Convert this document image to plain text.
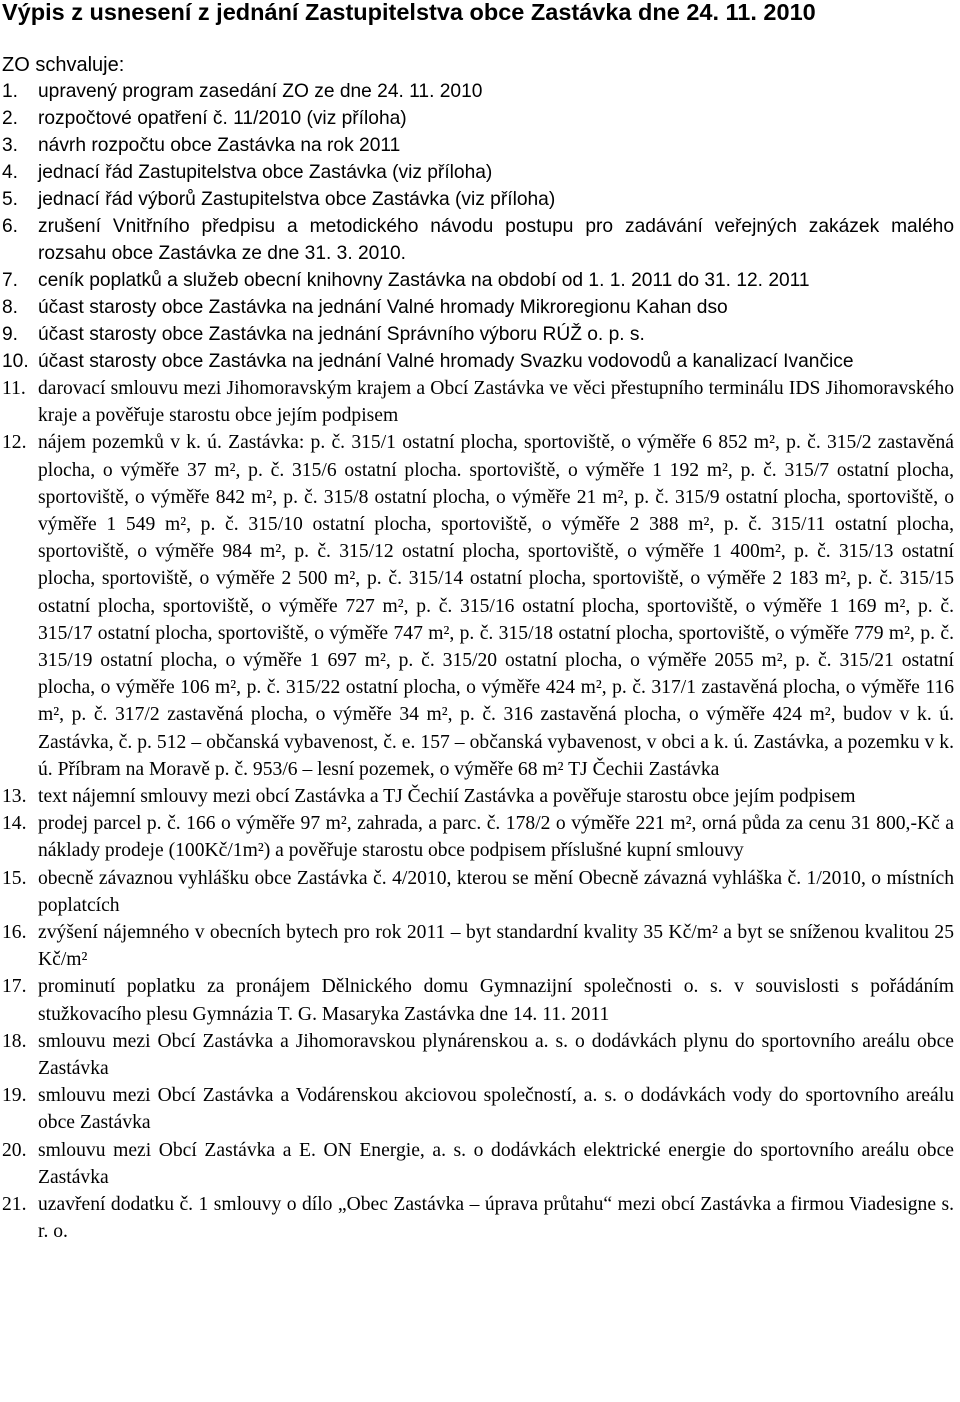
Výpis z usnesení z jednání Zastupitelstva obce Zastávka dne 24. 11. 2010
ZO schvaluje:
1.	upravený program zasedání ZO ze dne 24. 11. 2010
2.	rozpočtové opatření č. 11/2010 (viz příloha)
3.	návrh rozpočtu obce Zastávka na rok 2011
4.	jednací řád Zastupitelstva obce Zastávka (viz příloha)
5.	jednací řád výborů Zastupitelstva obce Zastávka (viz příloha)
6.	zrušení Vnitřního předpisu a metodického návodu postupu pro zadávání veřejných zakázek malého rozsahu obce Zastávka ze dne 31. 3. 2010.
7.	ceník poplatků a služeb obecní knihovny Zastávka na období od 1. 1. 2011 do 31. 12. 2011
8.	účast starosty obce Zastávka na jednání Valné hromady Mikroregionu Kahan dso
9.	účast starosty obce Zastávka na jednání Správního výboru RÚŽ o. p. s.
10. účast starosty obce Zastávka na jednání Valné hromady Svazku vodovodů a kanalizací Ivančice
11. darovací smlouvu mezi Jihomoravským krajem a Obcí Zastávka ve věci přestupního terminálu IDS Jihomoravského kraje a pověřuje starostu obce jejím podpisem
12. nájem pozemků v k. ú. Zastávka: p. č. 315/1 ostatní plocha, sportoviště, o výměře 6 852 m², p. č. 315/2 zastavěná plocha, o výměře 37 m², p. č. 315/6 ostatní plocha. sportoviště, o výměře 1 192 m², p. č. 315/7 ostatní plocha, sportoviště, o výměře 842 m², p. č. 315/8 ostatní plocha, o výměře 21 m², p. č. 315/9 ostatní plocha, sportoviště, o výměře 1 549 m², p. č. 315/10 ostatní plocha, sportoviště, o výměře 2 388 m², p. č. 315/11 ostatní plocha, sportoviště, o výměře 984 m², p. č. 315/12 ostatní plocha, sportoviště, o výměře 1 400m², p. č. 315/13 ostatní plocha, sportoviště, o výměře 2 500 m², p. č. 315/14 ostatní plocha, sportoviště, o výměře 2 183 m², p. č. 315/15 ostatní plocha, sportoviště, o výměře 727 m², p. č. 315/16 ostatní plocha, sportoviště, o výměře 1 169 m², p. č. 315/17 ostatní plocha, sportoviště, o výměře 747 m², p. č. 315/18 ostatní plocha, sportoviště, o výměře 779 m², p. č. 315/19 ostatní plocha, o výměře 1 697 m², p. č. 315/20 ostatní plocha, o výměře 2055 m², p. č. 315/21 ostatní plocha, o výměře 106 m², p. č. 315/22 ostatní plocha, o výměře 424 m², p. č. 317/1 zastavěná plocha, o výměře 116 m², p. č. 317/2 zastavěná plocha, o výměře 34 m², p. č. 316 zastavěná plocha, o výměře 424 m², budov v k. ú. Zastávka, č. p. 512 – občanská vybavenost, č. e. 157 – občanská vybavenost, v obci a k. ú. Zastávka, a pozemku v k. ú. Příbram na Moravě p. č. 953/6 – lesní pozemek, o výměře 68 m² TJ Čechii Zastávka
13. text nájemní smlouvy mezi obcí Zastávka a TJ Čechií Zastávka a pověřuje starostu obce jejím podpisem
14. prodej parcel p. č. 166 o výměře 97 m², zahrada, a parc. č. 178/2 o výměře 221 m², orná půda za cenu 31 800,-Kč a náklady prodeje (100Kč/1m²) a pověřuje starostu obce podpisem příslušné kupní smlouvy
15. obecně závaznou vyhlášku obce Zastávka č. 4/2010, kterou se mění Obecně závazná vyhláška č. 1/2010, o místních poplatcích
16. zvýšení nájemného v obecních bytech pro rok 2011 – byt standardní kvality 35 Kč/m² a byt se sníženou kvalitou 25 Kč/m²
17. prominutí poplatku za pronájem Dělnického domu Gymnazijní společnosti o. s. v souvislosti s pořádáním stužkovacího plesu Gymnázia T. G. Masaryka Zastávka dne 14. 11. 2011
18. smlouvu mezi Obcí Zastávka a Jihomoravskou plynárenskou a. s. o dodávkách plynu do sportovního areálu obce Zastávka
19. smlouvu mezi Obcí Zastávka a Vodárenskou akciovou společností, a. s. o dodávkách vody do sportovního areálu obce Zastávka
20. smlouvu mezi Obcí Zastávka a E. ON Energie, a. s. o dodávkách elektrické energie do sportovního areálu obce Zastávka
21. uzavření dodatku č. 1 smlouvy o dílo „Obec Zastávka – úprava průtahu“ mezi obcí Zastávka a firmou Viadesigne s. r. o.
